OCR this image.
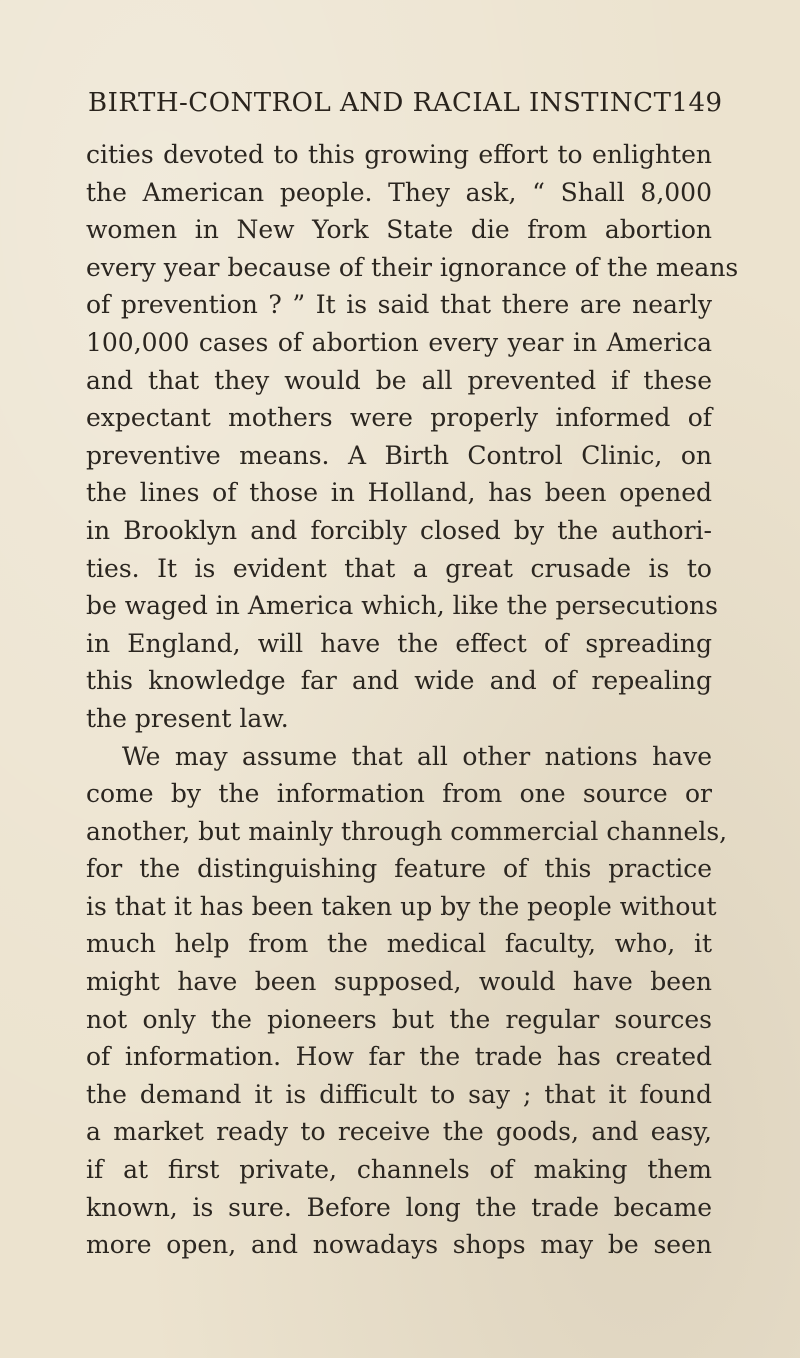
BIRTH-CONTROL AND RACIAL INSTINCT 149

cities devoted to this growing effort to enlighten
the American people. They ask, “ Shall 8,000
women in New York State die from abortion
every year because of their ignorance of the means
of prevention ? ” It is said that there are nearly
100,000 cases of abortion every year in America
and that they would be all prevented if these
expectant mothers were properly informed of
preventive means. A Birth Control Clinic, on
the lines of those in Holland, has been opened
in Brooklyn and forcibly closed by the authori-
ties. It is evident that a great crusade is to
be waged in America which, like the persecutions
in England, will have the effect of spreading
this knowledge far and wide and of repealing
the present law.

We may assume that all other nations have
come by the information from one source or
another, but mainly through commercial channels,
for the distinguishing feature of this practice
is that it has been taken up by the people without
much help from the medical faculty, who, it
might have been supposed, would have been
not only the pioneers but the regular sources
of information. How far the trade has created
the demand it is difficult to say ; that it found
a market ready to receive the goods, and easy,
if at first private, channels of making them
known, is sure. Before long the trade became
more open, and nowadays shops may be seen
